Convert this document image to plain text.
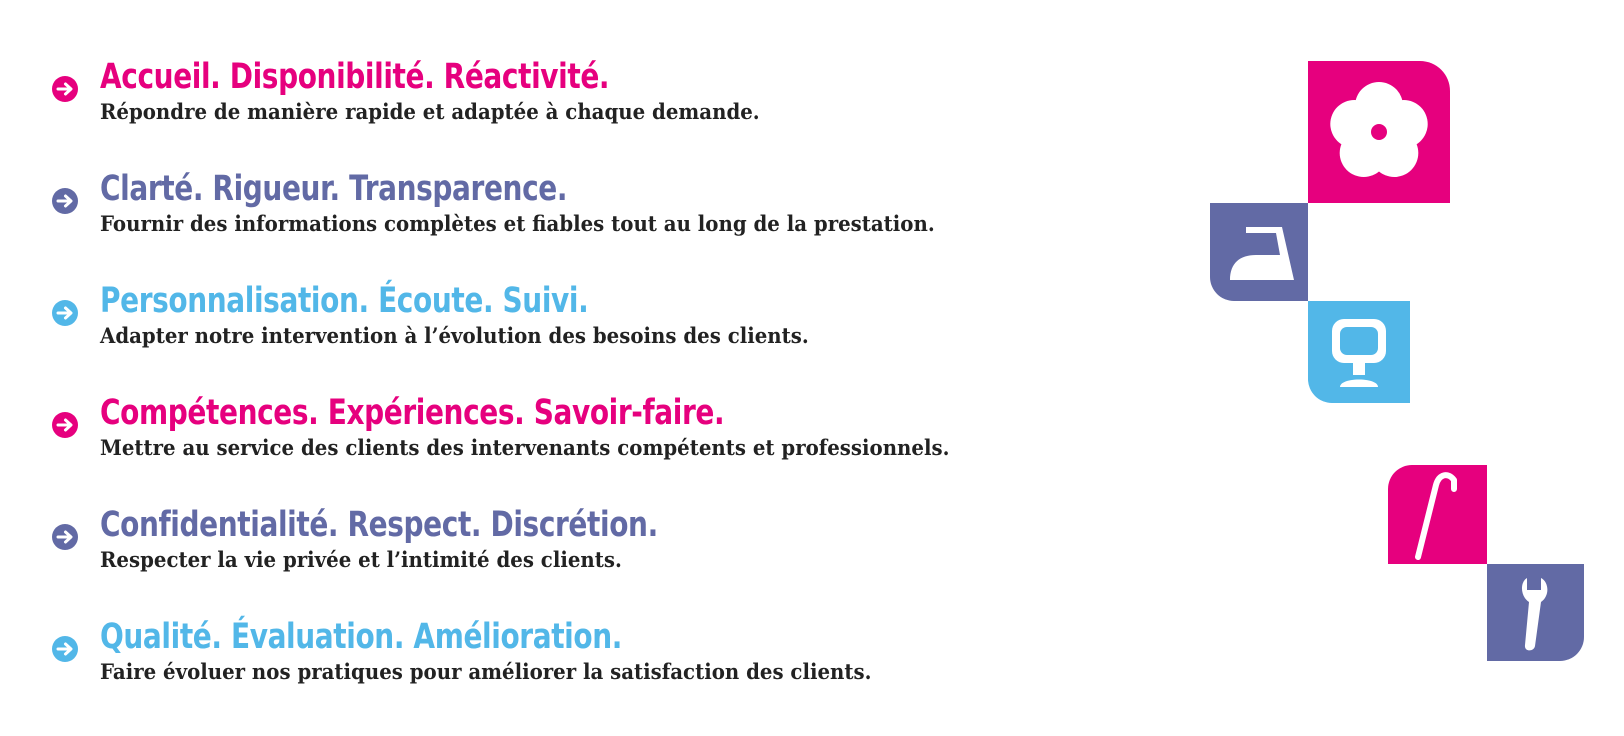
Accueil. Disponibilité. Réactivité.
Répondre de manière rapide et adaptée à chaque demande.
Clarté. Rigueur. Transparence.
Fournir des informations complètes et fiables tout au long de la prestation.
Personnalisation. Écoute. Suivi.
Adapter notre intervention à l’évolution des besoins des clients.
Compétences. Expériences. Savoir-faire.
Mettre au service des clients des intervenants compétents et professionnels.
Confidentialité. Respect. Discrétion.
Respecter la vie privée et l’intimité des clients.
Qualité. Évaluation. Amélioration.
Faire évoluer nos pratiques pour améliorer la satisfaction des clients.
